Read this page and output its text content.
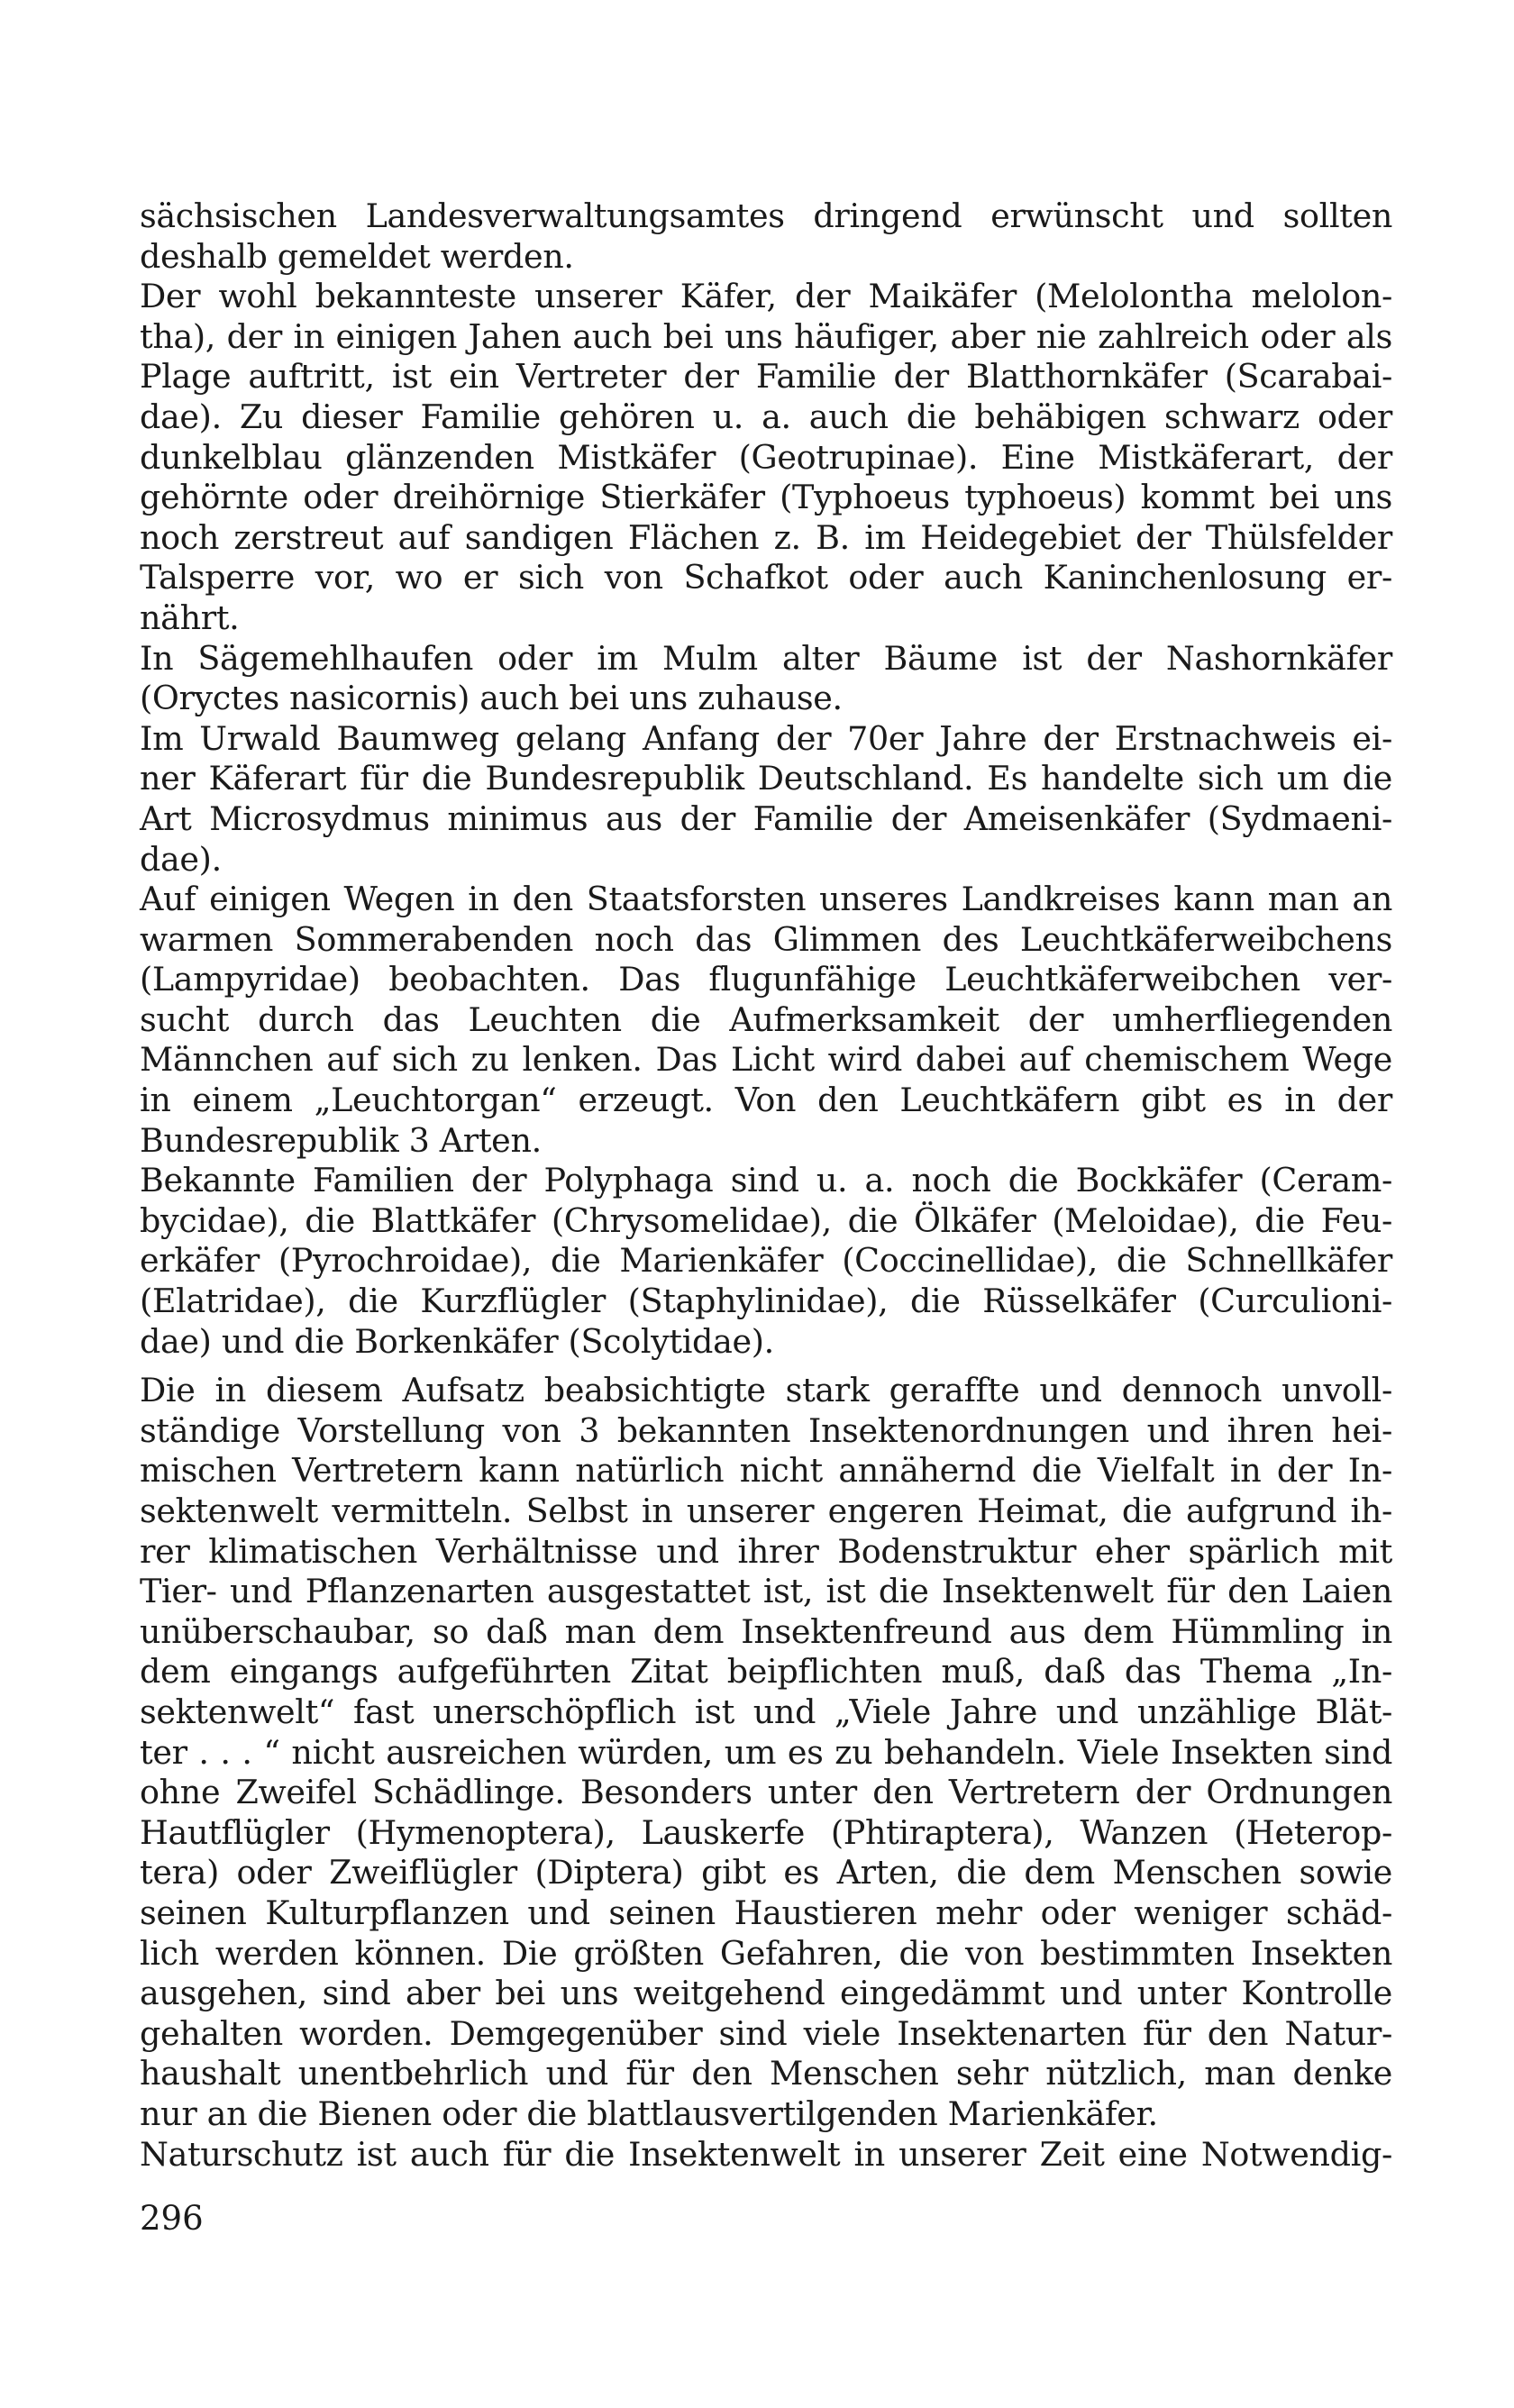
sächsischen Landesverwaltungsamtes dringend erwünscht und sollten
deshalb gemeldet werden.
Der wohl bekannteste unserer Käfer, der Maikäfer (Melolontha melolon-
tha), der in einigen Jahen auch bei uns häufiger, aber nie zahlreich oder als
Plage auftritt, ist ein Vertreter der Familie der Blatthornkäfer (Scarabai-
dae). Zu dieser Familie gehören u. a. auch die behäbigen schwarz oder
dunkelblau glänzenden Mistkäfer (Geotrupinae). Eine Mistkäferart, der
gehörnte oder dreihörnige Stierkäfer (Typhoeus typhoeus) kommt bei uns
noch zerstreut auf sandigen Flächen z. B. im Heidegebiet der Thülsfelder
Talsperre vor, wo er sich von Schafkot oder auch Kaninchenlosung er-
nährt.
In Sägemehlhaufen oder im Mulm alter Bäume ist der Nashornkäfer
(Oryctes nasicornis) auch bei uns zuhause.
Im Urwald Baumweg gelang Anfang der 70er Jahre der Erstnachweis ei-
ner Käferart für die Bundesrepublik Deutschland. Es handelte sich um die
Art Microsydmus minimus aus der Familie der Ameisenkäfer (Sydmaeni-
dae).
Auf einigen Wegen in den Staatsforsten unseres Landkreises kann man an
warmen Sommerabenden noch das Glimmen des Leuchtkäferweibchens
(Lampyridae) beobachten. Das flugunfähige Leuchtkäferweibchen ver-
sucht durch das Leuchten die Aufmerksamkeit der umherfliegenden
Männchen auf sich zu lenken. Das Licht wird dabei auf chemischem Wege
in einem „Leuchtorgan“ erzeugt. Von den Leuchtkäfern gibt es in der
Bundesrepublik 3 Arten.
Bekannte Familien der Polyphaga sind u. a. noch die Bockkäfer (Ceram-
bycidae), die Blattkäfer (Chrysomelidae), die Ölkäfer (Meloidae), die Feu-
erkäfer (Pyrochroidae), die Marienkäfer (Coccinellidae), die Schnellkäfer
(Elatridae), die Kurzflügler (Staphylinidae), die Rüsselkäfer (Curculioni-
dae) und die Borkenkäfer (Scolytidae).
Die in diesem Aufsatz beabsichtigte stark geraffte und dennoch unvoll-
ständige Vorstellung von 3 bekannten Insektenordnungen und ihren hei-
mischen Vertretern kann natürlich nicht annähernd die Vielfalt in der In-
sektenwelt vermitteln. Selbst in unserer engeren Heimat, die aufgrund ih-
rer klimatischen Verhältnisse und ihrer Bodenstruktur eher spärlich mit
Tier- und Pflanzenarten ausgestattet ist, ist die Insektenwelt für den Laien
unüberschaubar, so daß man dem Insektenfreund aus dem Hümmling in
dem eingangs aufgeführten Zitat beipflichten muß, daß das Thema „In-
sektenwelt“ fast unerschöpflich ist und „Viele Jahre und unzählige Blät-
ter . . . “ nicht ausreichen würden, um es zu behandeln. Viele Insekten sind
ohne Zweifel Schädlinge. Besonders unter den Vertretern der Ordnungen
Hautflügler (Hymenoptera), Lauskerfe (Phtiraptera), Wanzen (Heterop-
tera) oder Zweiflügler (Diptera) gibt es Arten, die dem Menschen sowie
seinen Kulturpflanzen und seinen Haustieren mehr oder weniger schäd-
lich werden können. Die größten Gefahren, die von bestimmten Insekten
ausgehen, sind aber bei uns weitgehend eingedämmt und unter Kontrolle
gehalten worden. Demgegenüber sind viele Insektenarten für den Natur-
haushalt unentbehrlich und für den Menschen sehr nützlich, man denke
nur an die Bienen oder die blattlausvertilgenden Marienkäfer.
Naturschutz ist auch für die Insektenwelt in unserer Zeit eine Notwendig-
296
